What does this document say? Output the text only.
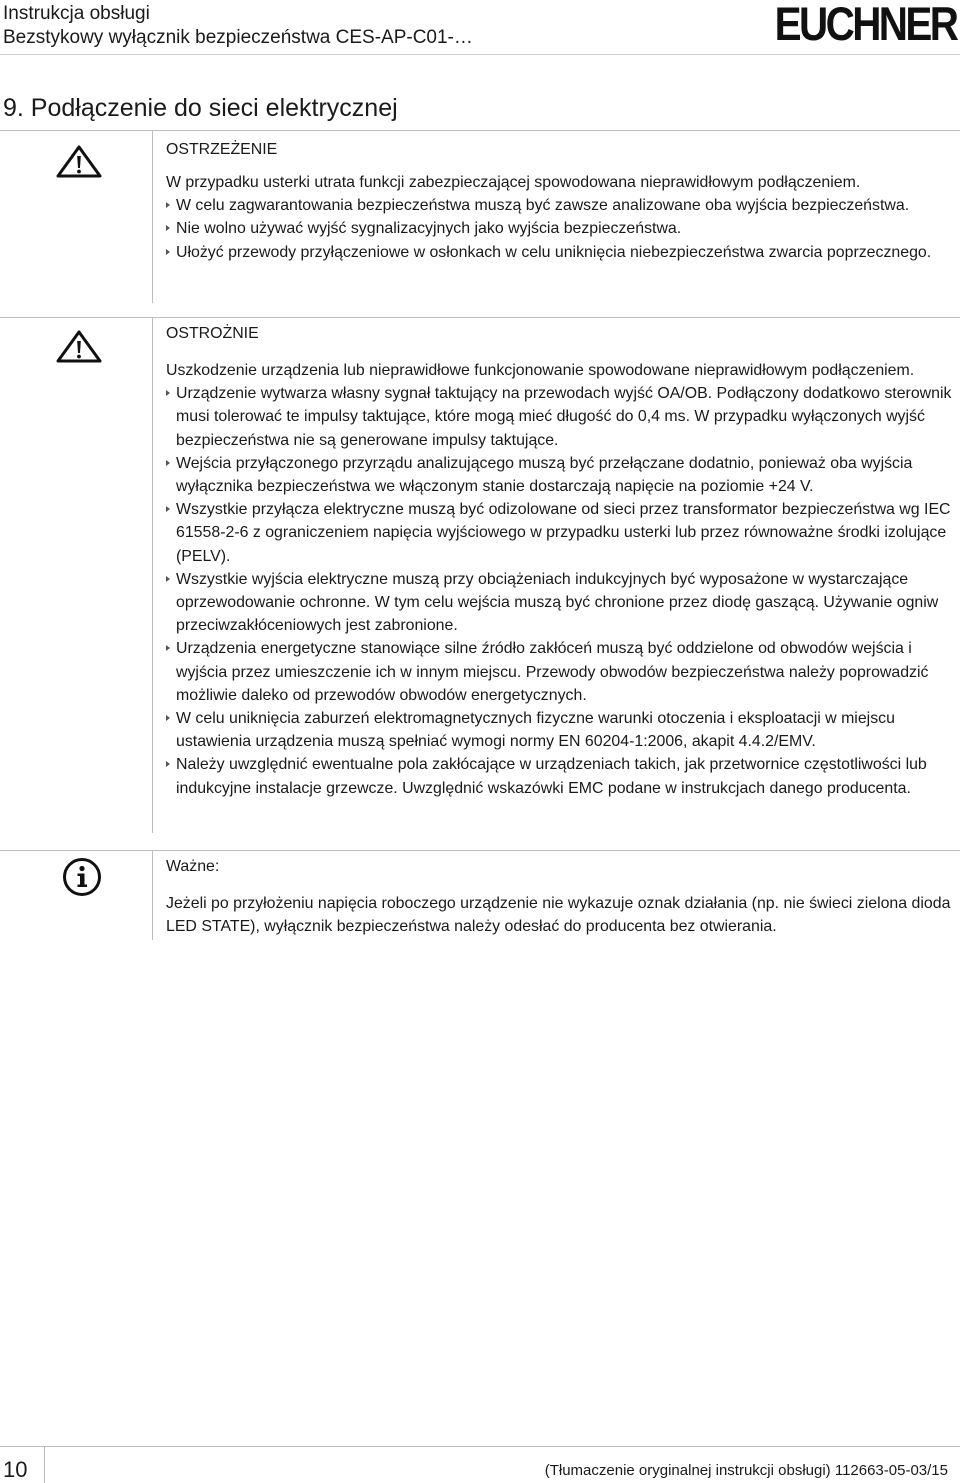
Instrukcja obsługi
Bezstykowy wyłącznik bezpieczeństwa CES-AP-C01-…	EUCHNER
9. Podłączenie do sieci elektrycznej
OSTRZEŻENIE

W przypadku usterki utrata funkcji zabezpieczającej spowodowana nieprawidłowym podłączeniem.

W celu zagwarantowania bezpieczeństwa muszą być zawsze analizowane oba wyjścia bezpieczeństwa.
Nie wolno używać wyjść sygnalizacyjnych jako wyjścia bezpieczeństwa.
Ułożyć przewody przyłączeniowe w osłonkach w celu uniknięcia niebezpieczeństwa zwarcia poprzecznego.
OSTROŻNIE

Uszkodzenie urządzenia lub nieprawidłowe funkcjonowanie spowodowane nieprawidłowym podłączeniem.

Urządzenie wytwarza własny sygnał taktujący na przewodach wyjść OA/OB. Podłączony dodatkowo sterownik musi tolerować te impulsy taktujące, które mogą mieć długość do 0,4 ms. W przypadku wyłączonych wyjść bezpieczeństwa nie są generowane impulsy taktujące.
Wejścia przyłączonego przyrządu analizującego muszą być przełączane dodatnio, ponieważ oba wyjścia wyłącznika bezpieczeństwa we włączonym stanie dostarczają napięcie na poziomie +24 V.
Wszystkie przyłącza elektryczne muszą być odizolowane od sieci przez transformator bezpieczeństwa wg IEC 61558-2-6 z ograniczeniem napięcia wyjściowego w przypadku usterki lub przez równoważne środki izolujące (PELV).
Wszystkie wyjścia elektryczne muszą przy obciążeniach indukcyjnych być wyposażone w wystarczające oprzewodowanie ochronne. W tym celu wejścia muszą być chronione przez diodę gaszącą. Używanie ogniw przeciwzakłóceniowych jest zabronione.
Urządzenia energetyczne stanowiące silne źródło zakłóceń muszą być oddzielone od obwodów wejścia i wyjścia przez umieszczenie ich w innym miejscu. Przewody obwodów bezpieczeństwa należy poprowadzić możliwie daleko od przewodów obwodów energetycznych.
W celu uniknięcia zaburzeń elektromagnetycznych fizyczne warunki otoczenia i eksploatacji w miejscu ustawienia urządzenia muszą spełniać wymogi normy EN 60204-1:2006, akapit 4.4.2/EMV.
Należy uwzględnić ewentualne pola zakłócające w urządzeniach takich, jak przetwornice częstotliwości lub indukcyjne instalacje grzewcze. Uwzględnić wskazówki EMC podane w instrukcjach danego producenta.
Ważne:

Jeżeli po przyłożeniu napięcia roboczego urządzenie nie wykazuje oznak działania (np. nie świeci zielona dioda LED STATE), wyłącznik bezpieczeństwa należy odesłać do producenta bez otwierania.

10	(Tłumaczenie oryginalnej instrukcji obsługi) 112663-05-03/15
